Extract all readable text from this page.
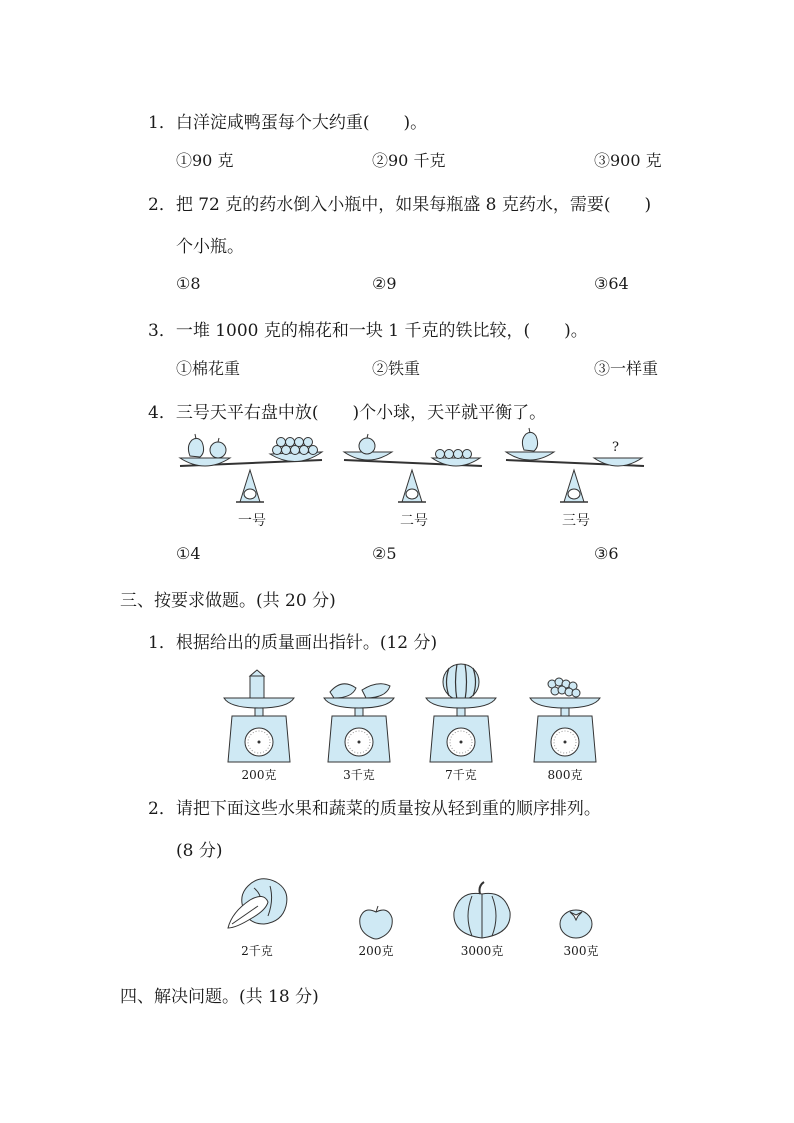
1．白洋淀咸鸭蛋每个大约重(　　)。
①90 克	②90 千克	③900 克
2．把 72 克的药水倒入小瓶中，如果每瓶盛 8 克药水，需要(　　)
个小瓶。
①8	②9	③64
3．一堆 1000 克的棉花和一块 1 千克的铁比较，(　　)。
①棉花重	②铁重	③一样重
4．三号天平右盘中放(　　)个小球，天平就平衡了。
一号	二号
?
三号
①4	②5	③6
三、按要求做题。(共 20 分)
1．根据给出的质量画出指针。(12 分)
200克	3千克	7千克	800克
2．请把下面这些水果和蔬菜的质量按从轻到重的顺序排列。
(8 分)
2千克	200克	3000克	300克
四、解决问题。(共 18 分)
